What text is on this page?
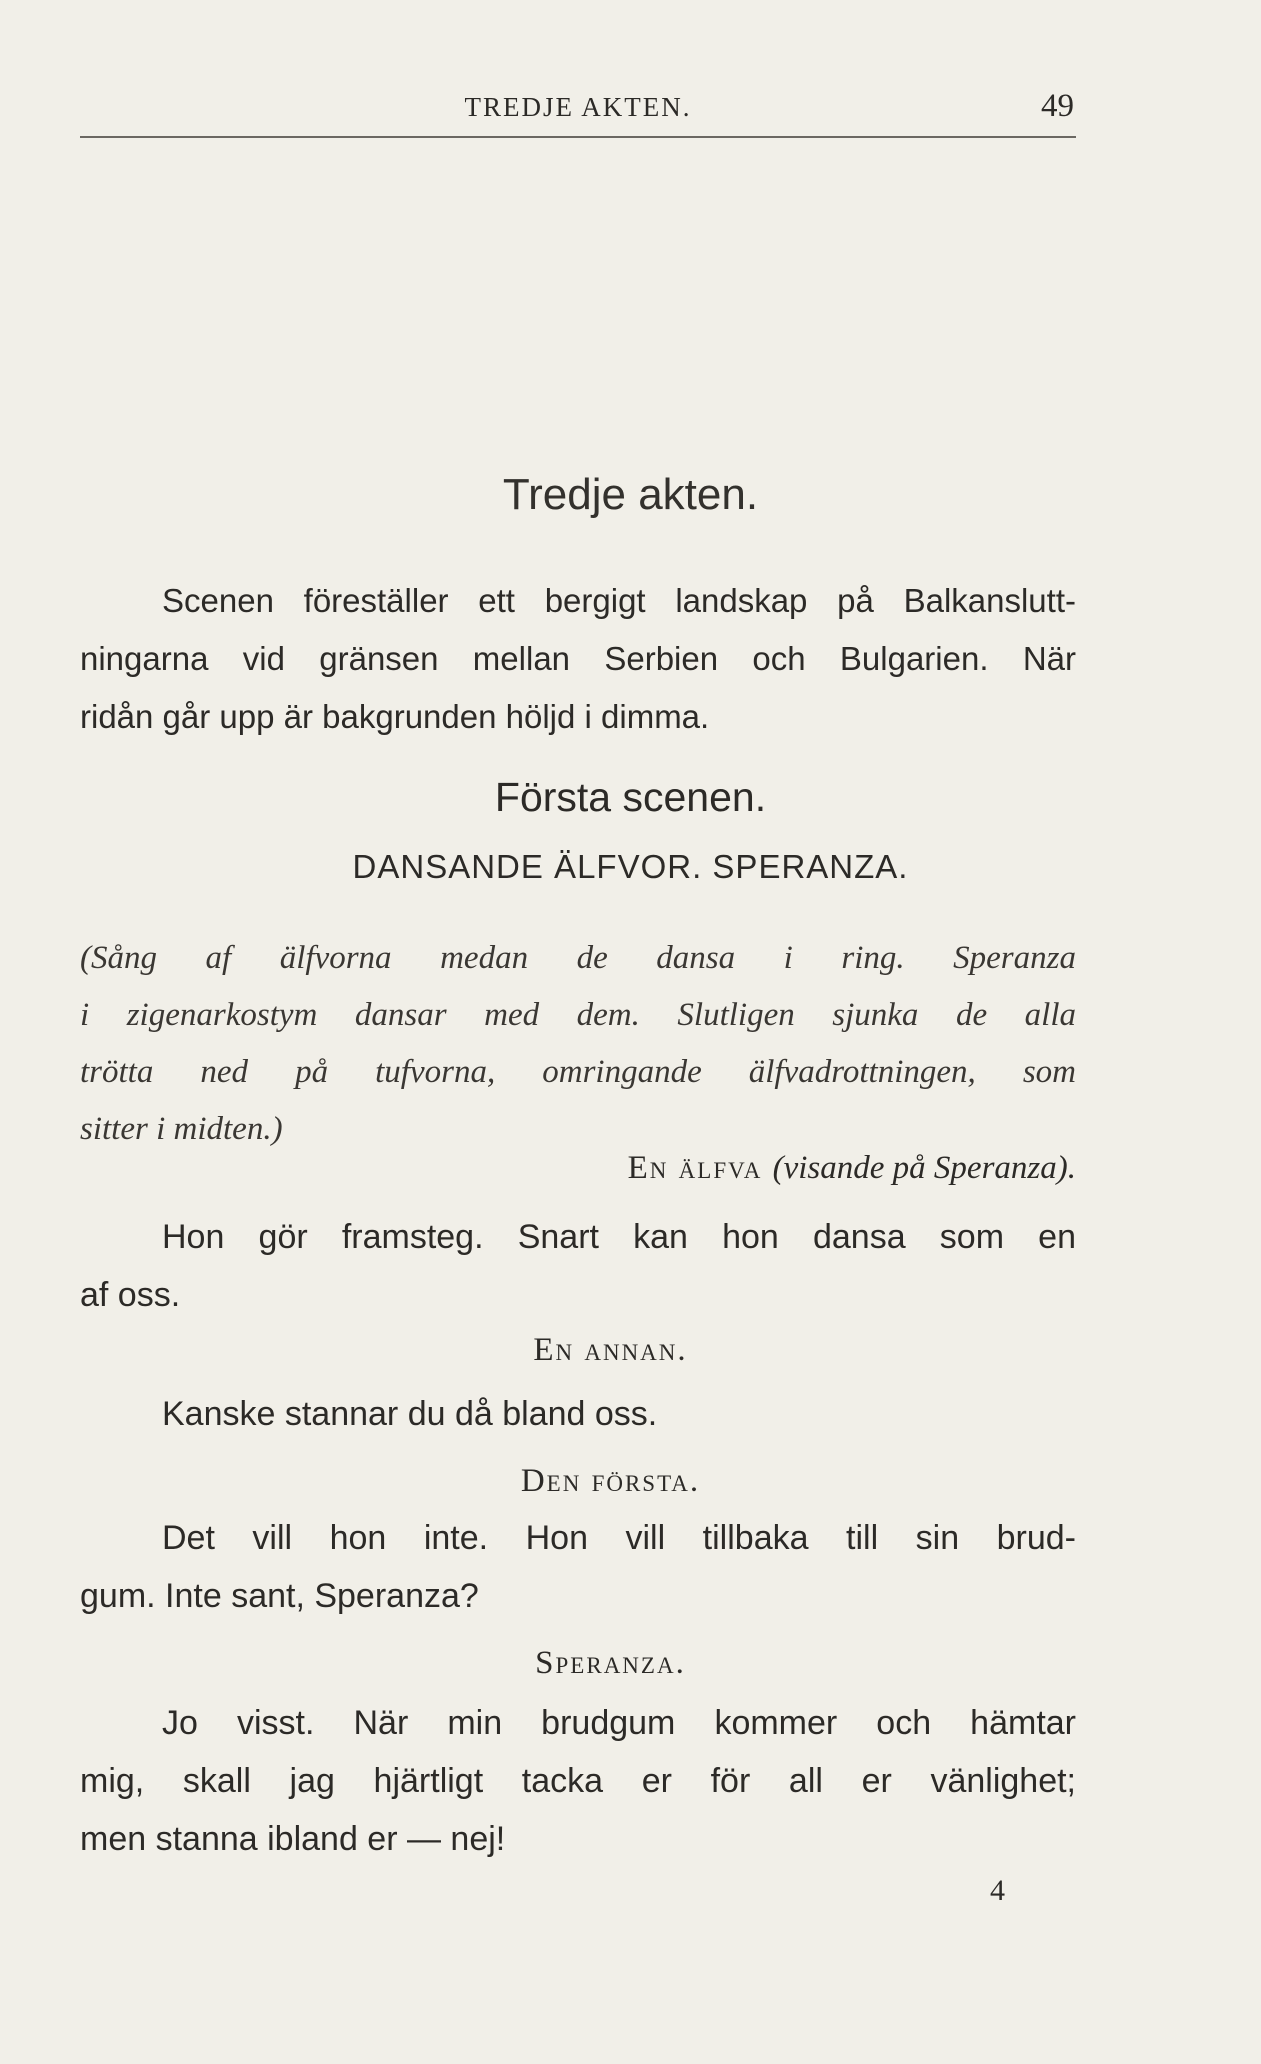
TREDJE AKTEN.	49
Tredje akten.
Scenen föreställer ett bergigt landskap på Balkanslutt-
ningarna vid gränsen mellan Serbien och Bulgarien. När
ridån går upp är bakgrunden höljd i dimma.
Första scenen.
DANSANDE ÄLFVOR. SPERANZA.
(Sång af älfvorna medan de dansa i ring. Speranza
i zigenarkostym dansar med dem. Slutligen sjunka de alla
trötta ned på tufvorna, omringande älfvadrottningen, som
sitter i midten.)
En älfva (visande på Speranza).
Hon gör framsteg. Snart kan hon dansa som en
af oss.
En annan.
Kanske stannar du då bland oss.
Den första.
Det vill hon inte. Hon vill tillbaka till sin brud-
gum. Inte sant, Speranza?
Speranza.
Jo visst. När min brudgum kommer och hämtar
mig, skall jag hjärtligt tacka er för all er vänlighet;
men stanna ibland er — nej!
4
